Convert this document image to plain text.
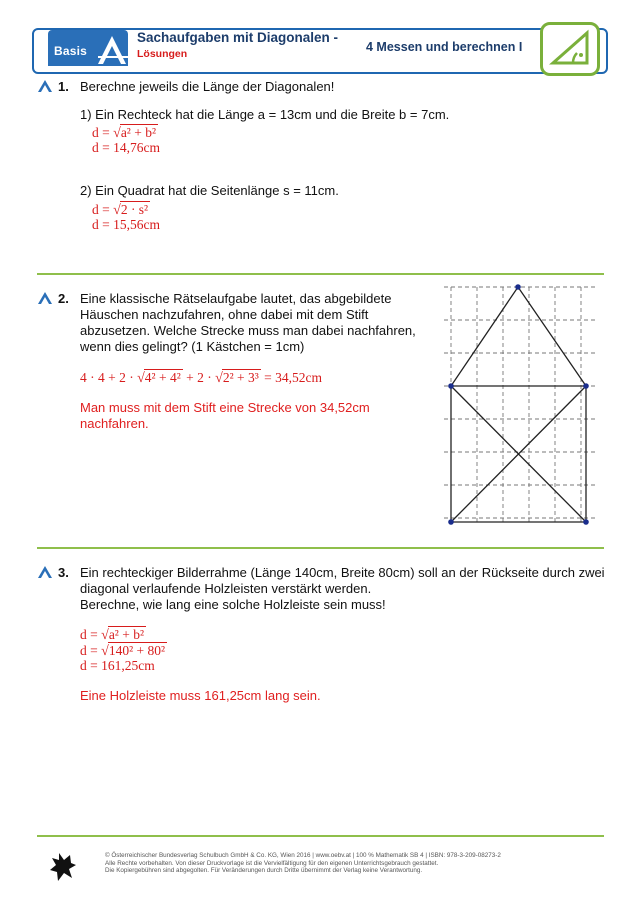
Basis
Sachaufgaben mit Diagonalen -
Lösungen	4 Messen und berechnen I
1. Berechne jeweils die Länge der Diagonalen!
1) Ein Rechteck hat die Länge a = 13cm und die Breite b = 7cm.
d = √a² + b²
d = 14,76cm
2) Ein Quadrat hat die Seitenlänge s = 11cm.
d = √2 · s²
d = 15,56cm
2. Eine klassische Rätselaufgabe lautet, das abgebildete
Häuschen nachzufahren, ohne dabei mit dem Stift
abzusetzen. Welche Strecke muss man dabei nachfahren,
wenn dies gelingt? (1 Kästchen = 1cm)
4 · 4 + 2 · √4² + 4² + 2 · √2² + 3³ = 34,52cm
Man muss mit dem Stift eine Strecke von 34,52cm
nachfahren.
3. Ein rechteckiger Bilderrahme (Länge 140cm, Breite 80cm) soll an der Rückseite durch zwei
diagonal verlaufende Holzleisten verstärkt werden.
Berechne, wie lang eine solche Holzleiste sein muss!
d = √a² + b²
d = √140² + 80²
d = 161,25cm
Eine Holzleiste muss 161,25cm lang sein.
© Österreichischer Bundesverlag Schulbuch GmbH & Co. KG, Wien 2016 | www.oebv.at | 100 % Mathematik SB 4 | ISBN: 978-3-209-08273-2
Alle Rechte vorbehalten. Von dieser Druckvorlage ist die Vervielfältigung für den eigenen Unterrichtsgebrauch gestattet.
Die Kopiergebühren sind abgegolten. Für Veränderungen durch Dritte übernimmt der Verlag keine Verantwortung.
